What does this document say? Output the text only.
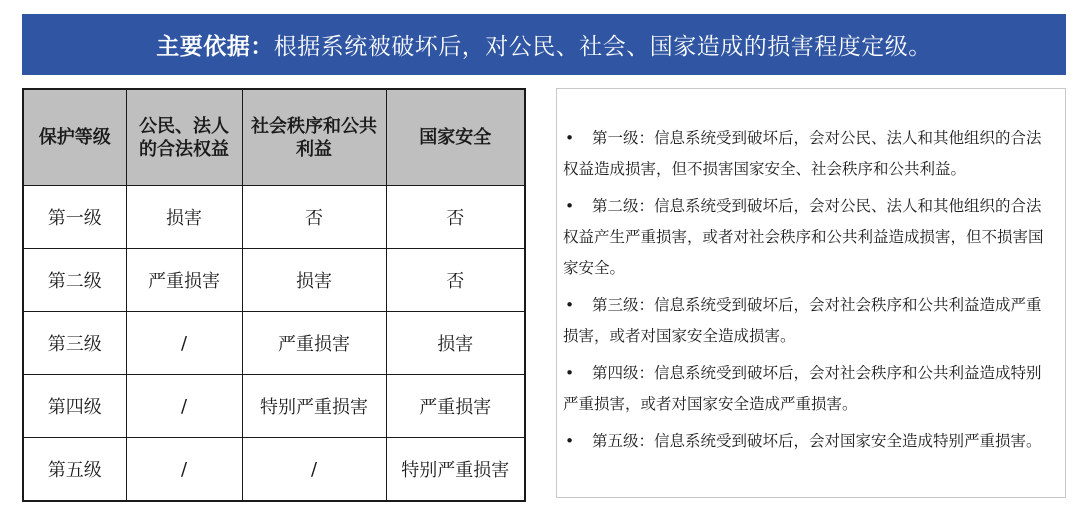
主要依据： 根据系统被破坏后，对公民、社会、国家造成的损害程度定级。
保护等级	公民、法人的合法权益	社会秩序和公共利益	国家安全
第一级	损害	否	否
第二级	严重损害	损害	否
第三级	/	严重损害	损害
第四级	/	特别严重损害	严重损害
第五级	/	/	特别严重损害
• 第一级：信息系统受到破坏后，会对公民、法人和其他组织的合法权益造成损害，但不损害国家安全、社会秩序和公共利益。
• 第二级：信息系统受到破坏后，会对公民、法人和其他组织的合法权益产生严重损害，或者对社会秩序和公共利益造成损害，但不损害国家安全。
• 第三级：信息系统受到破坏后，会对社会秩序和公共利益造成严重损害，或者对国家安全造成损害。
• 第四级：信息系统受到破坏后，会对社会秩序和公共利益造成特别严重损害，或者对国家安全造成严重损害。
• 第五级：信息系统受到破坏后，会对国家安全造成特别严重损害。
